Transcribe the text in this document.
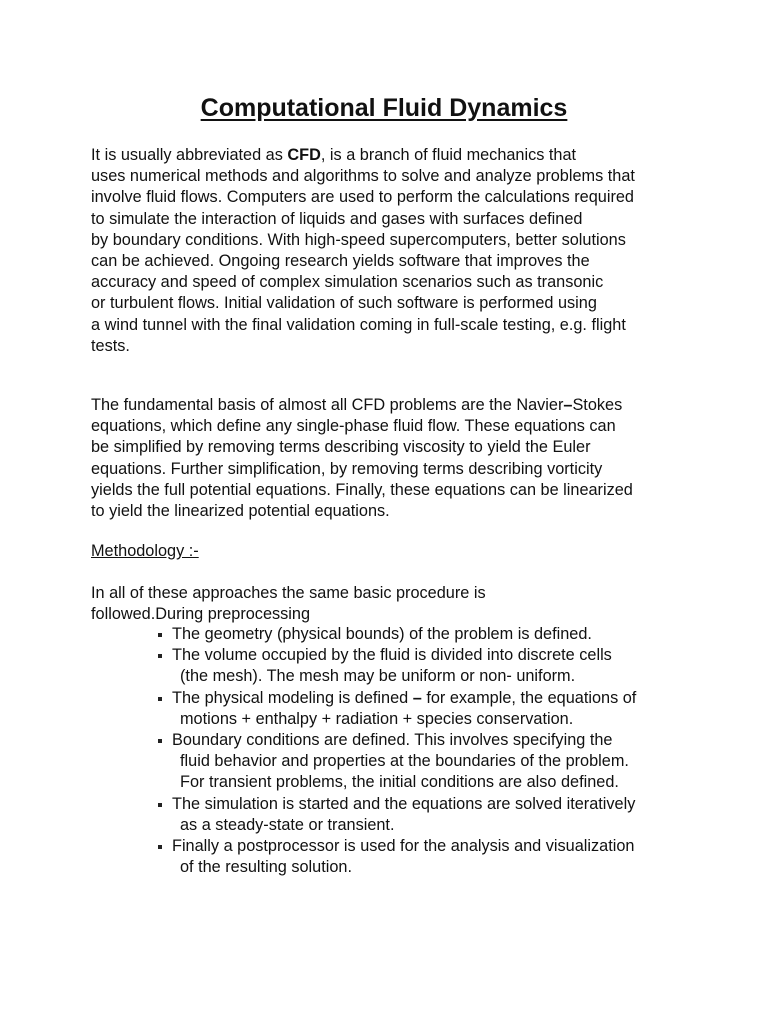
Computational Fluid Dynamics

It is usually abbreviated as CFD, is a branch of fluid mechanics that
uses numerical methods and algorithms to solve and analyze problems that
involve fluid flows. Computers are used to perform the calculations required
to simulate the interaction of liquids and gases with surfaces defined
by boundary conditions. With high-speed supercomputers, better solutions
can be achieved. Ongoing research yields software that improves the
accuracy and speed of complex simulation scenarios such as transonic
or turbulent flows. Initial validation of such software is performed using
a wind tunnel with the final validation coming in full-scale testing, e.g. flight
tests.

The fundamental basis of almost all CFD problems are the Navier–Stokes
equations, which define any single-phase fluid flow. These equations can
be simplified by removing terms describing viscosity to yield the Euler
equations. Further simplification, by removing terms describing vorticity
yields the full potential equations. Finally, these equations can be linearized
to yield the linearized potential equations.

Methodology :-

In all of these approaches the same basic procedure is
followed.During preprocessing

The geometry (physical bounds) of the problem is defined.
The volume occupied by the fluid is divided into discrete cells
(the mesh). The mesh may be uniform or non- uniform.
The physical modeling is defined – for example, the equations of
motions + enthalpy + radiation + species conservation.
Boundary conditions are defined. This involves specifying the
fluid behavior and properties at the boundaries of the problem.
For transient problems, the initial conditions are also defined.
The simulation is started and the equations are solved iteratively
as a steady-state or transient.
Finally a postprocessor is used for the analysis and visualization
of the resulting solution.
